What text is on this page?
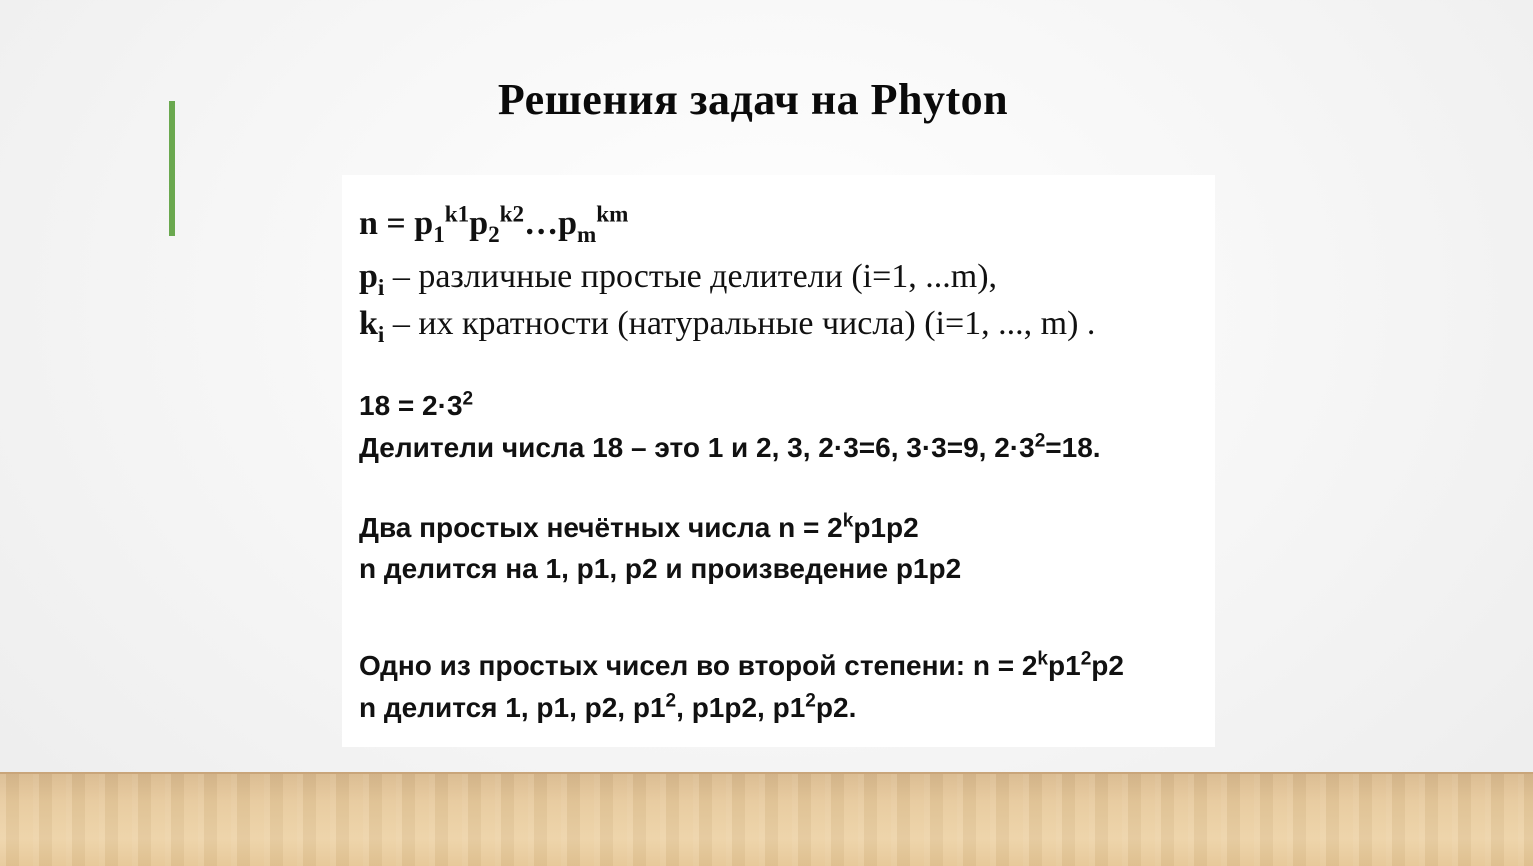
Решения задач на Phyton
$n = p_1^{k1}p_2^{k2}\dots p_m^{km}$
$p_i$ – различные простые делители (i=1, ...m),
$k_i$ – их кратности (натуральные числа) (i=1, ..., m) .
$18 = 2\cdot 3^2$
Делители числа 18 – это 1 и 2, 3, 2·3=6, 3·3=9, $2\cdot 3^2=18$.
Два простых нечётных числа $n = 2^kp1p2$
n делится на 1, p1, p2 и произведение p1p2
Одно из простых чисел во второй степени: $n = 2^kp1^2p2$
n делится 1, p1, p2, $p1^2$, p1p2, $p1^2p2$.
